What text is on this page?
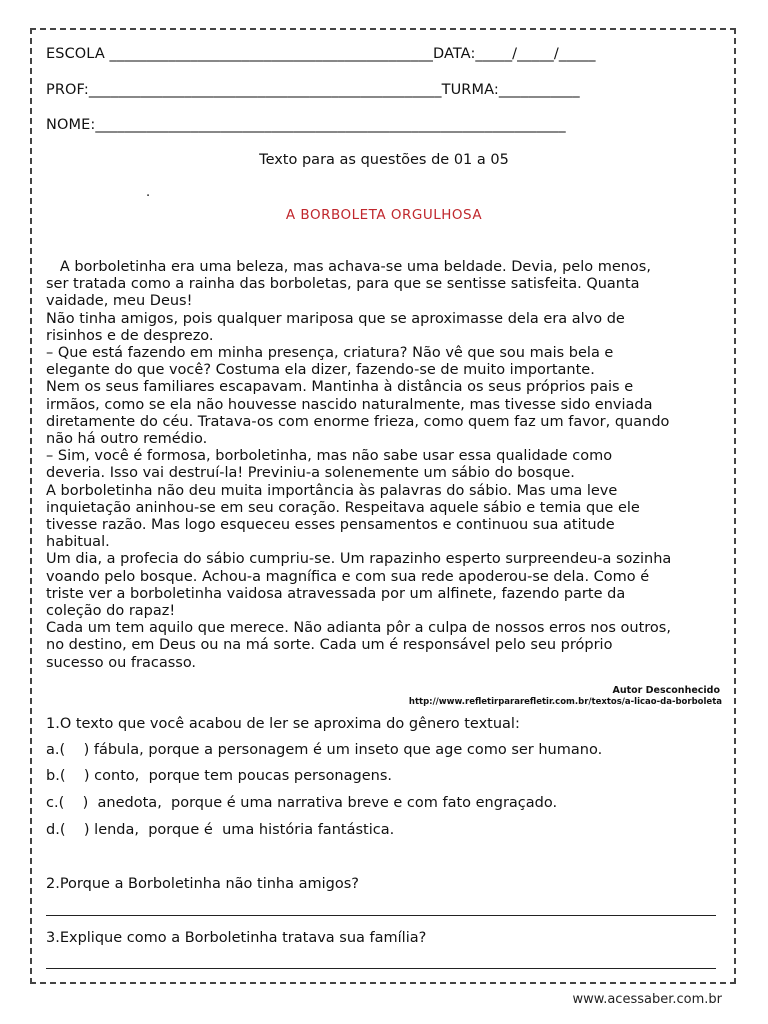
ESCOLA ____________________________________________DATA:_____/_____/_____
PROF:________________________________________________TURMA:___________
NOME:________________________________________________________________
Texto para as questões de 01 a 05
.
A BORBOLETA ORGULHOSA

A borboletinha era uma beleza, mas achava-se uma beldade. Devia, pelo menos,

ser tratada como a rainha das borboletas, para que se sentisse satisfeita. Quanta

vaidade, meu Deus!

Não tinha amigos, pois qualquer mariposa que se aproximasse dela era alvo de

risinhos e de desprezo.

– Que está fazendo em minha presença, criatura? Não vê que sou mais bela e

elegante do que você? Costuma ela dizer, fazendo-se de muito importante.

Nem os seus familiares escapavam. Mantinha à distância os seus próprios pais e

irmãos, como se ela não houvesse nascido naturalmente, mas tivesse sido enviada

diretamente do céu. Tratava-os com enorme frieza, como quem faz um favor, quando

não há outro remédio.

– Sim, você é formosa, borboletinha, mas não sabe usar essa qualidade como

deveria. Isso vai destruí-la! Previniu-a solenemente um sábio do bosque.

A borboletinha não deu muita importância às palavras do sábio. Mas uma leve

inquietação aninhou-se em seu coração. Respeitava aquele sábio e temia que ele

tivesse razão. Mas logo esqueceu esses pensamentos e continuou sua atitude

habitual.

Um dia, a profecia do sábio cumpriu-se. Um rapazinho esperto surpreendeu-a sozinha

voando pelo bosque. Achou-a magnífica e com sua rede apoderou-se dela. Como é

triste ver a borboletinha vaidosa atravessada por um alfinete, fazendo parte da

coleção do rapaz!

Cada um tem aquilo que merece. Não adianta pôr a culpa de nossos erros nos outros,

no destino, em Deus ou na má sorte. Cada um é responsável pelo seu próprio

sucesso ou fracasso.

Autor Desconhecido
http://www.refletirpararefletir.com.br/textos/a-licao-da-borboleta
1.O texto que você acabou de ler se aproxima do gênero textual:
a.(    ) fábula, porque a personagem é um inseto que age como ser humano.
b.(    ) conto,  porque tem poucas personagens.
c.(    )  anedota,  porque é uma narrativa breve e com fato engraçado.
d.(    ) lenda,  porque é  uma história fantástica.
2.Porque a Borboletinha não tinha amigos?
3.Explique como a Borboletinha tratava sua família?
www.acessaber.com.br
